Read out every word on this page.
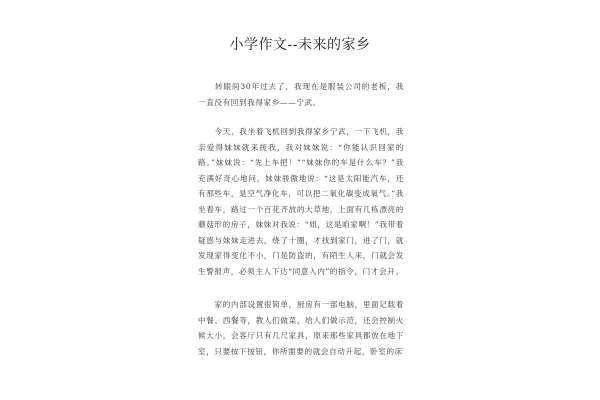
小学作文--未来的家乡

　　转眼间30年过去了，我现在是服装公司的老板，我一直没有回到我得家乡——宁武。

　　今天，我坐着飞机回到我得家乡宁武，一下飞机，我亲爱得妹妹就来接我，我对妹妹说：“你能认识回家的路。”妹妹说：“先上车把！”“妹妹你的车是什么车？”我充满好奇心地问，妹妹骄傲地说：“这是太阳能汽车，还有那些车，是空气净化车，可以把二氧化碳变成氧气。”我坐着车，路过一个百花齐放的大草地，上面有几栋漂亮的蘑菇形的房子，妹妹对我说：“姐，这是咱家啊！”我带着疑惑与妹妹走进去，绕了十圈，才找到家门，进了门，就发现家得变化不小，门是防盗的，有陌生人来，门就会发生警报声，必须主人下达“同意入内”的指令，门才会开。

　　家的内部设置很简单，厨房有一部电脑，里面记载着中餐、西餐等，教人们做菜，给人们做示范，还会控制火候大小，会客厅只有几尺家具，原来那些家具都放在地下室，只要按下按钮，你所需要的就会自动升起，卧室的床
